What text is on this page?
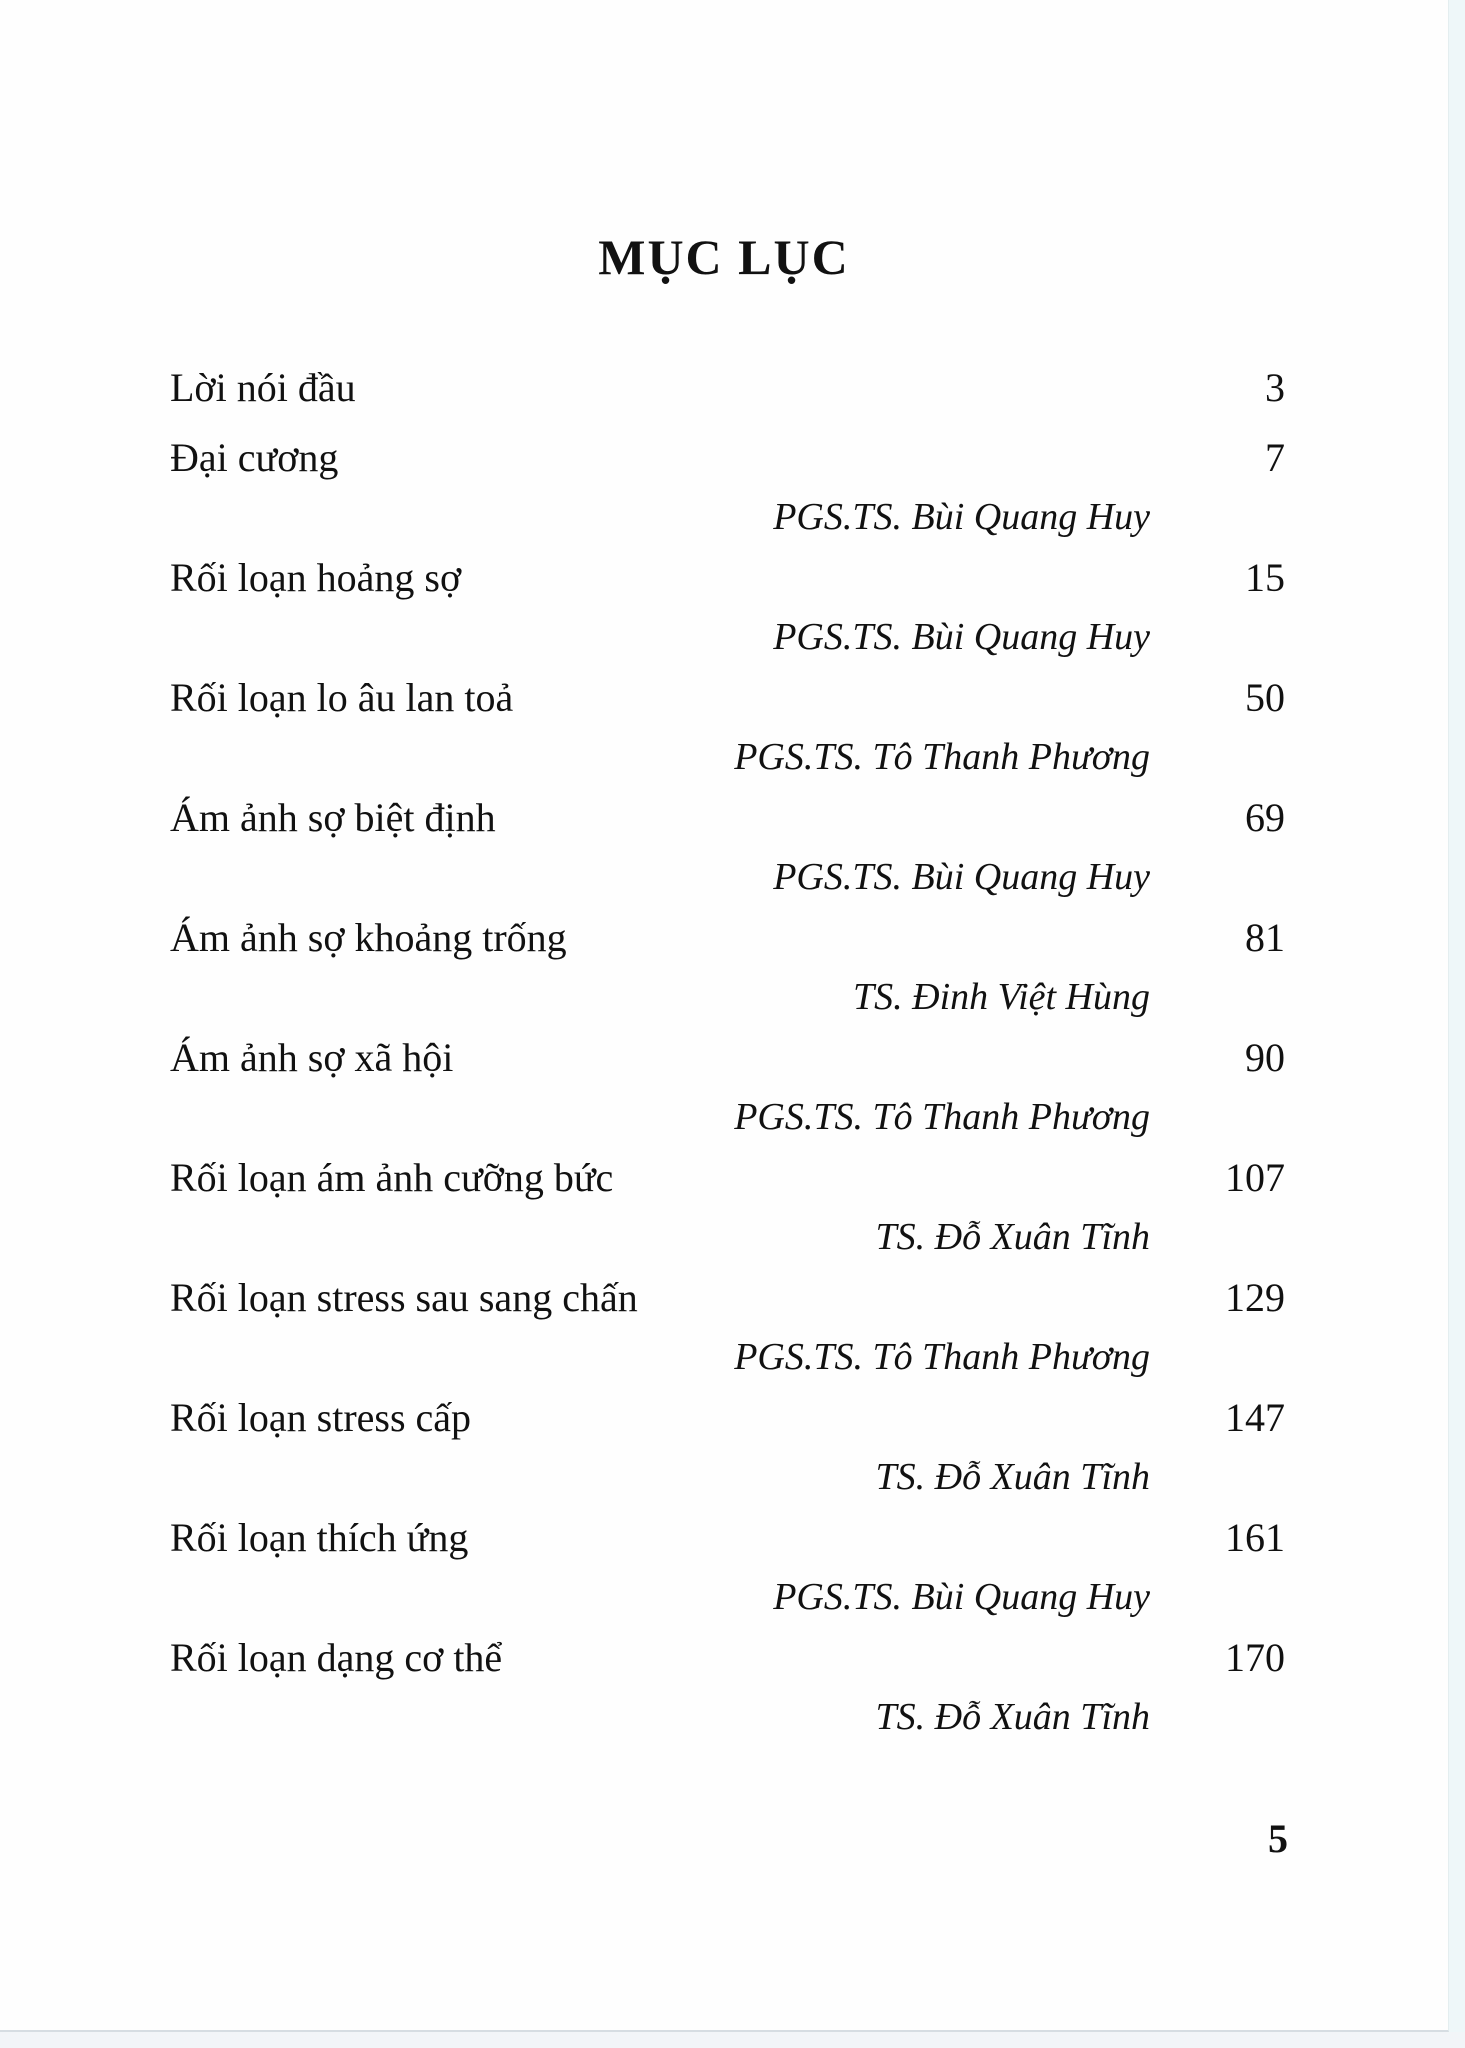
MỤC LỤC
Lời nói đầu	3
Đại cương	7
PGS.TS. Bùi Quang Huy
Rối loạn hoảng sợ	15
PGS.TS. Bùi Quang Huy
Rối loạn lo âu lan toả	50
PGS.TS. Tô Thanh Phương
Ám ảnh sợ biệt định	69
PGS.TS. Bùi Quang Huy
Ám ảnh sợ khoảng trống	81
TS. Đinh Việt Hùng
Ám ảnh sợ xã hội	90
PGS.TS. Tô Thanh Phương
Rối loạn ám ảnh cưỡng bức	107
TS. Đỗ Xuân Tĩnh
Rối loạn stress sau sang chấn	129
PGS.TS. Tô Thanh Phương
Rối loạn stress cấp	147
TS. Đỗ Xuân Tĩnh
Rối loạn thích ứng	161
PGS.TS. Bùi Quang Huy
Rối loạn dạng cơ thể	170
TS. Đỗ Xuân Tĩnh
5
